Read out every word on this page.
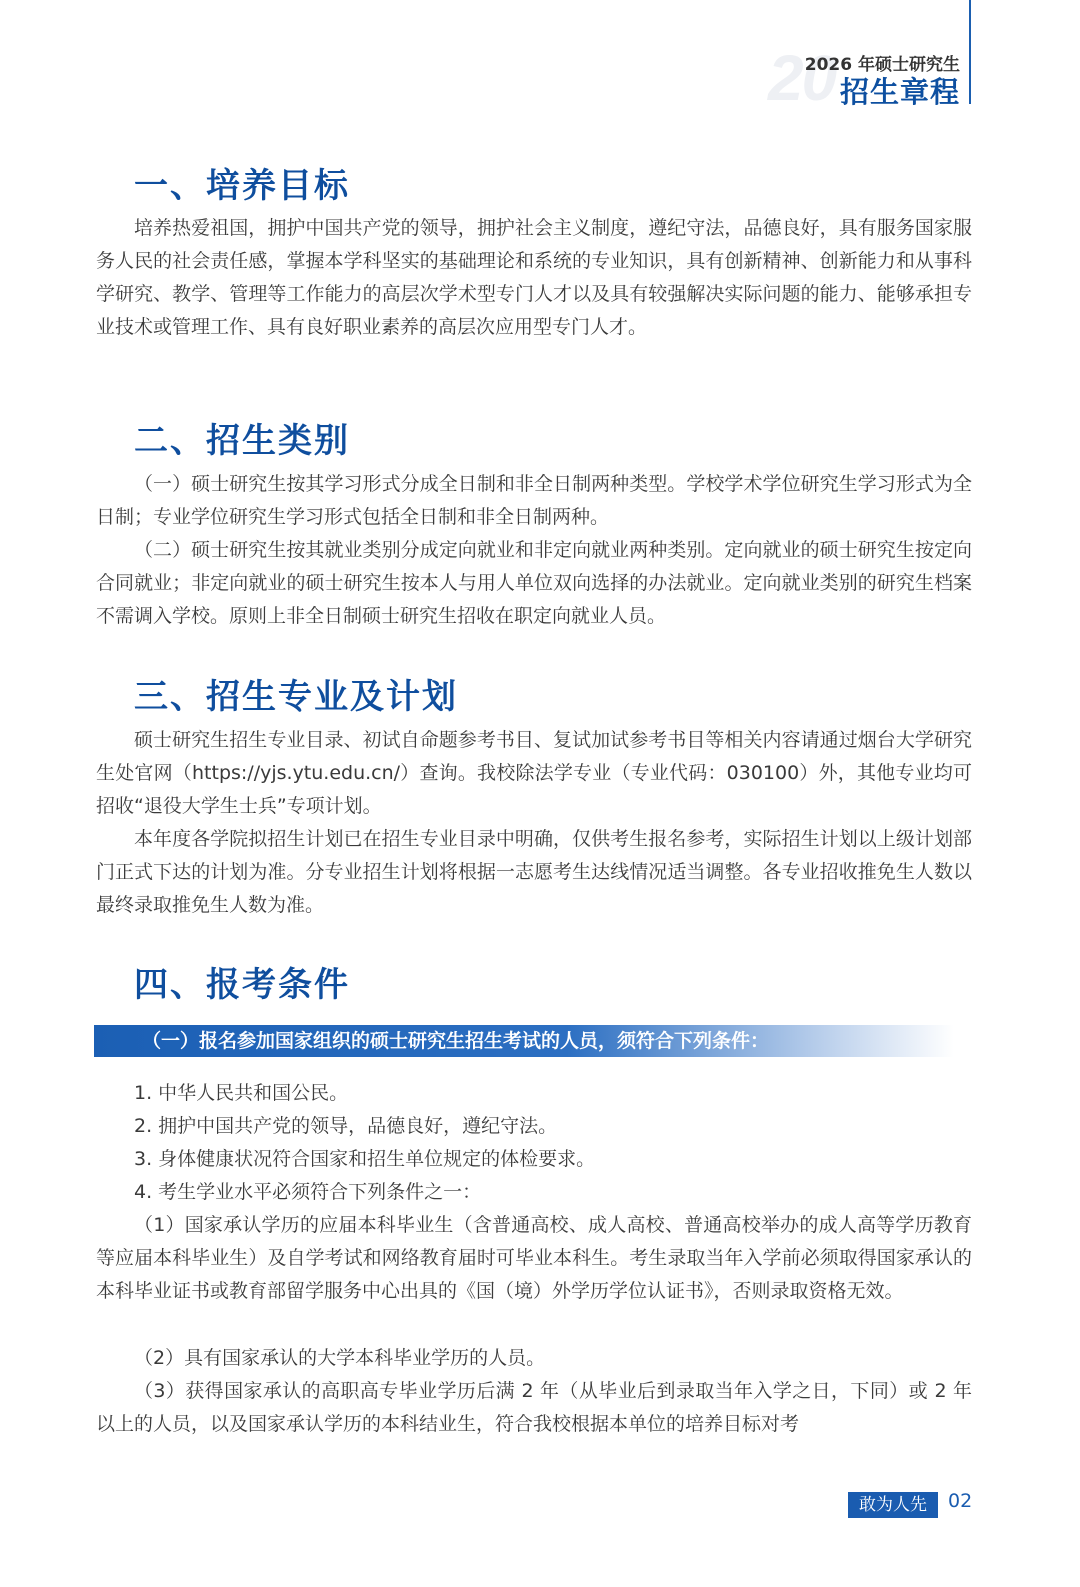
20
2026 年硕士研究生
招生章程
一、培养目标

培养热爱祖国，拥护中国共产党的领导，拥护社会主义制度，遵纪守法，品德良好，具有服务国家服务人民的社会责任感，掌握本学科坚实的基础理论和系统的专业知识，具有创新精神、创新能力和从事科学研究、教学、管理等工作能力的高层次学术型专门人才以及具有较强解决实际问题的能力、能够承担专业技术或管理工作、具有良好职业素养的高层次应用型专门人才。

二、招生类别

（一）硕士研究生按其学习形式分成全日制和非全日制两种类型。学校学术学位研究生学习形式为全日制；专业学位研究生学习形式包括全日制和非全日制两种。

（二）硕士研究生按其就业类别分成定向就业和非定向就业两种类别。定向就业的硕士研究生按定向合同就业；非定向就业的硕士研究生按本人与用人单位双向选择的办法就业。定向就业类别的研究生档案不需调入学校。原则上非全日制硕士研究生招收在职定向就业人员。

三、招生专业及计划

硕士研究生招生专业目录、初试自命题参考书目、复试加试参考书目等相关内容请通过烟台大学研究生处官网（https://yjs.ytu.edu.cn/）查询。我校除法学专业（专业代码：030100）外，其他专业均可招收“退役大学生士兵”专项计划。

本年度各学院拟招生计划已在招生专业目录中明确，仅供考生报名参考，实际招生计划以上级计划部门正式下达的计划为准。分专业招生计划将根据一志愿考生达线情况适当调整。各专业招收推免生人数以最终录取推免生人数为准。

四、报考条件
（一）报名参加国家组织的硕士研究生招生考试的人员，须符合下列条件：
1. 中华人民共和国公民。
2. 拥护中国共产党的领导，品德良好，遵纪守法。
3. 身体健康状况符合国家和招生单位规定的体检要求。
4. 考生学业水平必须符合下列条件之一：

（1）国家承认学历的应届本科毕业生（含普通高校、成人高校、普通高校举办的成人高等学历教育等应届本科毕业生）及自学考试和网络教育届时可毕业本科生。考生录取当年入学前必须取得国家承认的本科毕业证书或教育部留学服务中心出具的《国（境）外学历学位认证书》，否则录取资格无效。

（2）具有国家承认的大学本科毕业学历的人员。

（3）获得国家承认的高职高专毕业学历后满 2 年（从毕业后到录取当年入学之日，下同）或 2 年以上的人员，以及国家承认学历的本科结业生，符合我校根据本单位的培养目标对考

敢为人先	02
